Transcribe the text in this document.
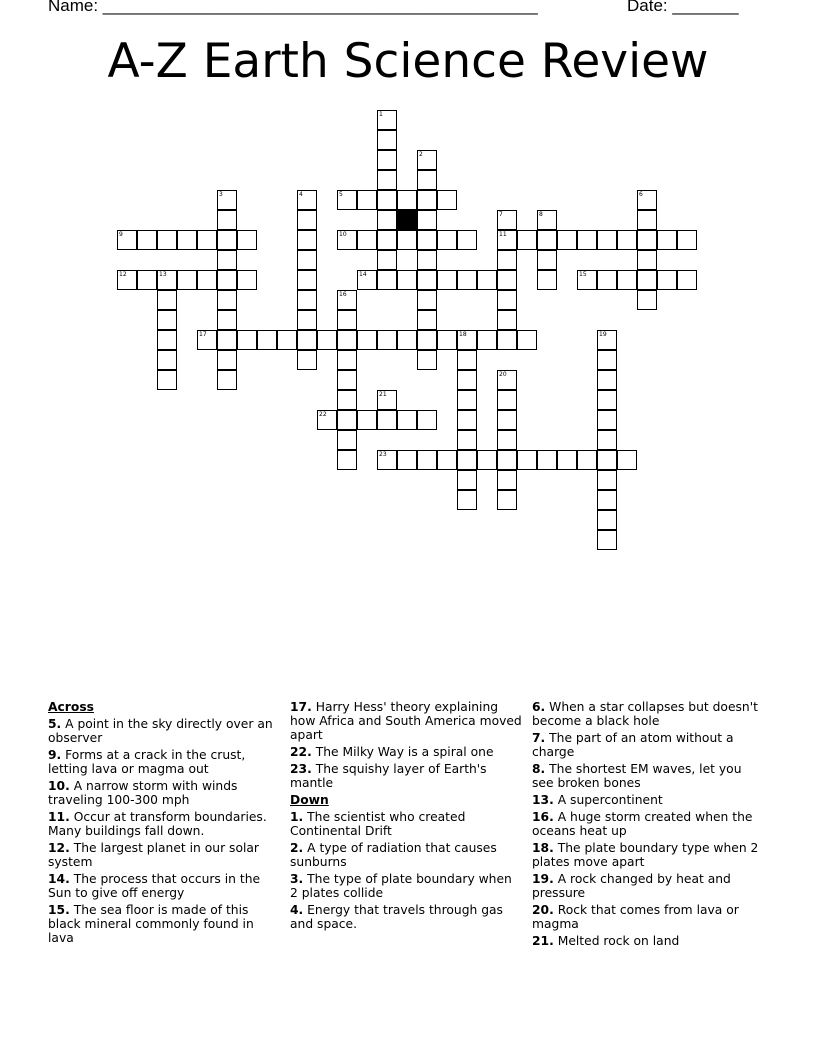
Name: ______________________________________________	Date: _______
A-Z Earth Science Review
1
2
3	4	5	6
7
11
8
9	10
12	13	14	15
16
17	18	19
20
21
22
23
Across
5. A point in the sky directly over an observer
9. Forms at a crack in the crust, letting lava or magma out
10. A narrow storm with winds traveling 100-300 mph
11. Occur at transform boundaries. Many buildings fall down.
12. The largest planet in our solar system
14. The process that occurs in the Sun to give off energy
15. The sea floor is made of this black mineral commonly found in lava
17. Harry Hess' theory explaining how Africa and South America moved apart
22. The Milky Way is a spiral one
23. The squishy layer of Earth's mantle
Down
1. The scientist who created Continental Drift
2. A type of radiation that causes sunburns
3. The type of plate boundary when 2 plates collide
4. Energy that travels through gas and space.
6. When a star collapses but doesn't become a black hole
7. The part of an atom without a charge
8. The shortest EM waves, let you see broken bones
13. A supercontinent
16. A huge storm created when the oceans heat up
18. The plate boundary type when 2 plates move apart
19. A rock changed by heat and pressure
20. Rock that comes from lava or magma
21. Melted rock on land
